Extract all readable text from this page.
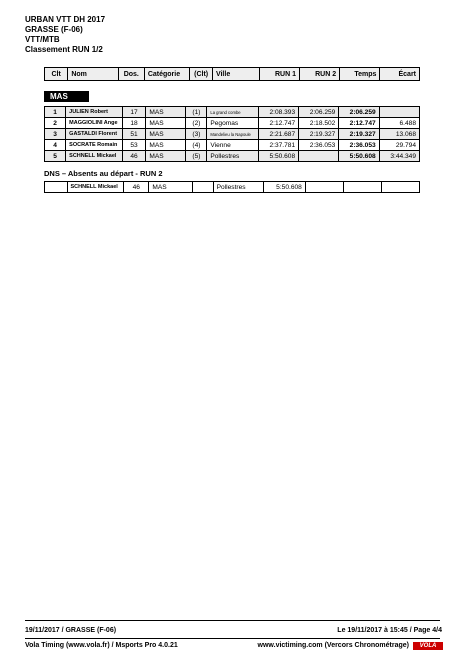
URBAN VTT DH 2017
GRASSE (F-06)
VTT/MTB
Classement RUN 1/2
Clt	Nom	Dos.	Catégorie	(Clt)	Ville	RUN 1	RUN 2	Temps	Écart
MAS
1	JULIEN Robert	17	MAS	(1)	La grand combe	2:08.393	2:06.259	2:06.259	
2	MAGGIOLINI Ange	18	MAS	(2)	Pegomas	2:12.747	2:18.502	2:12.747	6.488
3	GASTALDI Florent	51	MAS	(3)	Mandelieu la Napoule	2:21.687	2:19.327	2:19.327	13.068
4	SOCRATE Romain	53	MAS	(4)	Vienne	2:37.781	2:36.053	2:36.053	29.794
5	SCHNELL Mickael	46	MAS	(5)	Pollestres	5:50.608		5:50.608	3:44.349
DNS – Absents au départ - RUN 2
	SCHNELL Mickael	46	MAS		Pollestres	5:50.608			
19/11/2017 / GRASSE (F-06)	Le 19/11/2017 à 15:45 / Page 4/4
Vola Timing (www.vola.fr) / Msports Pro 4.0.21	www.victiming.com (Vercors Chronométrage)	VOLA
